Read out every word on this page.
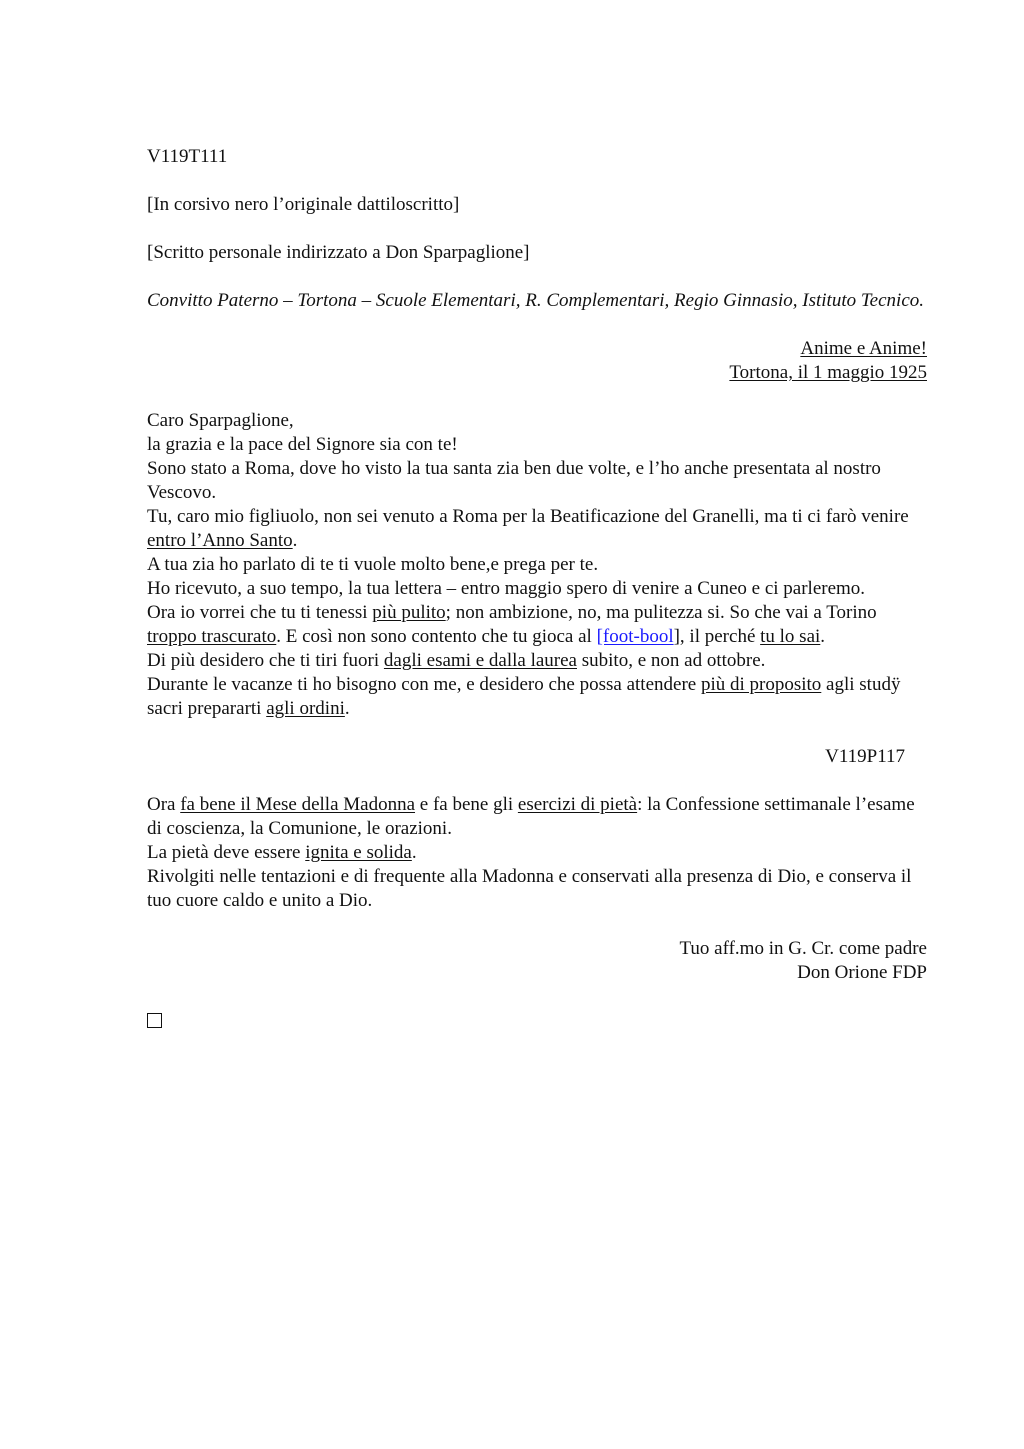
V119T111

[In corsivo nero l’originale dattiloscritto]

[Scritto personale indirizzato a Don Sparpaglione]

Convitto Paterno – Tortona – Scuole Elementari, R. Complementari, Regio Ginnasio, Istituto Tecnico.

Anime e Anime!

Tortona, il 1 maggio 1925

Caro Sparpaglione,

la grazia e la pace del Signore sia con te!

Sono stato a Roma, dove ho visto la tua santa zia ben due volte, e l’ho anche presentata al nostro Vescovo.

Tu, caro mio figliuolo, non sei venuto a Roma per la Beatificazione del Granelli, ma ti ci farò venire entro l’Anno Santo.

A tua zia ho parlato di te ti vuole molto bene,e prega per te.

Ho ricevuto, a suo tempo, la tua lettera – entro maggio spero di venire a Cuneo e ci parleremo.

Ora io vorrei che tu ti tenessi più pulito; non ambizione, no, ma pulitezza si. So che vai a Torino troppo trascurato. E così non sono contento che tu gioca al [foot-bool], il perché tu lo sai.

Di più desidero che ti tiri fuori dagli esami e dalla laurea subito, e non ad ottobre.

Durante le vacanze ti ho bisogno con me, e desidero che possa attendere più di proposito agli studÿ sacri prepararti agli ordini.

V119P117

Ora fa bene il Mese della Madonna e fa bene gli esercizi di pietà: la Confessione settimanale l’esame di coscienza, la Comunione, le orazioni.

La pietà deve essere ignita e solida.

Rivolgiti nelle tentazioni e di frequente alla Madonna e conservati alla presenza di Dio, e conserva il tuo cuore caldo e unito a Dio.

Tuo aff.mo in G. Cr. come padre

Don Orione FDP
